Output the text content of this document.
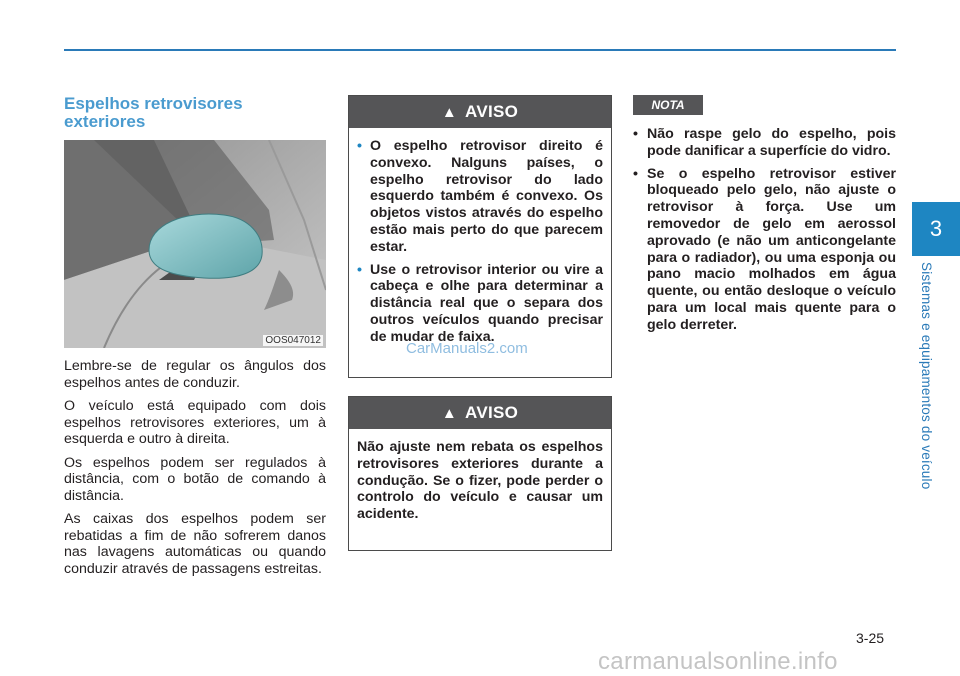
3
Sistemas e equipamentos do veículo
Espelhos retrovisores exteriores
OOS047012

Lembre-se de regular os ângulos dos espelhos antes de conduzir.

O veículo está equipado com dois espelhos retrovisores exteriores, um à esquerda e outro à direita.

Os espelhos podem ser regulados à distância, com o botão de comando à distância.

As caixas dos espelhos podem ser rebatidas a fim de não sofrerem danos nas lavagens automáticas ou quando conduzir através de passagens estreitas.

▲ AVISO
• O espelho retrovisor direito é convexo. Nalguns países, o espelho retrovisor do lado esquerdo também é convexo. Os objetos vistos através do espelho estão mais perto do que parecem estar.
• Use o retrovisor interior ou vire a cabeça e olhe para determinar a distância real que o separa dos outros veículos quando precisar de mudar de faixa.
CarManuals2.com
▲ AVISO
Não ajuste nem rebata os espelhos retrovisores exteriores durante a condução. Se o fizer, pode perder o controlo do veículo e causar um acidente.
NOTA
• Não raspe gelo do espelho, pois pode danificar a superfície do vidro.
• Se o espelho retrovisor estiver bloqueado pelo gelo, não ajuste o retrovisor à força. Use um removedor de gelo em aerossol aprovado (e não um anticongelante para o radiador), ou uma esponja ou pano macio molhados em água quente, ou então desloque o veículo para um local mais quente para o gelo derreter.
3-25
carmanualsonline.info
